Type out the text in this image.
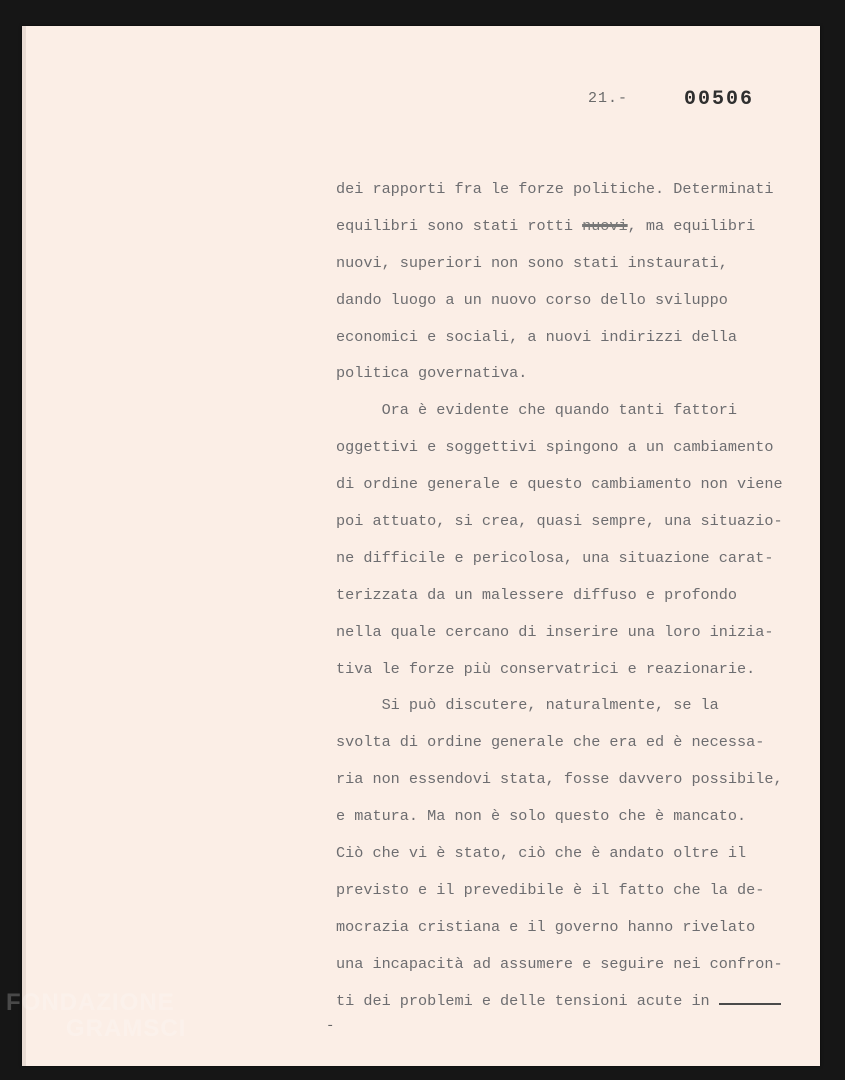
21.-	00506
dei rapporti fra le forze politiche. Determinati
equilibri sono stati rotti nuovi, ma equilibri
nuovi, superiori non sono stati instaurati,
dando luogo a un nuovo corso dello sviluppo
economici e sociali, a nuovi indirizzi della
politica governativa.
Ora è evidente che quando tanti fattori
oggettivi e soggettivi spingono a un cambiamento
di ordine generale e questo cambiamento non viene
poi attuato, si crea, quasi sempre, una situazio-
ne difficile e pericolosa, una situazione carat-
terizzata da un malessere diffuso e profondo
nella quale cercano di inserire una loro inizia-
tiva le forze più conservatrici e reazionarie.
Si può discutere, naturalmente, se la
svolta di ordine generale che era ed è necessa-
ria non essendovi stata, fosse davvero possibile,
e matura. Ma non è solo questo che è mancato.
Ciò che vi è stato, ciò che è andato oltre il
previsto e il prevedibile è il fatto che la de-
mocrazia cristiana e il governo hanno rivelato
una incapacità ad assumere e seguire nei confron-
ti dei problemi e delle tensioni acute in
-
FONDAZIONE
GRAMSCI
